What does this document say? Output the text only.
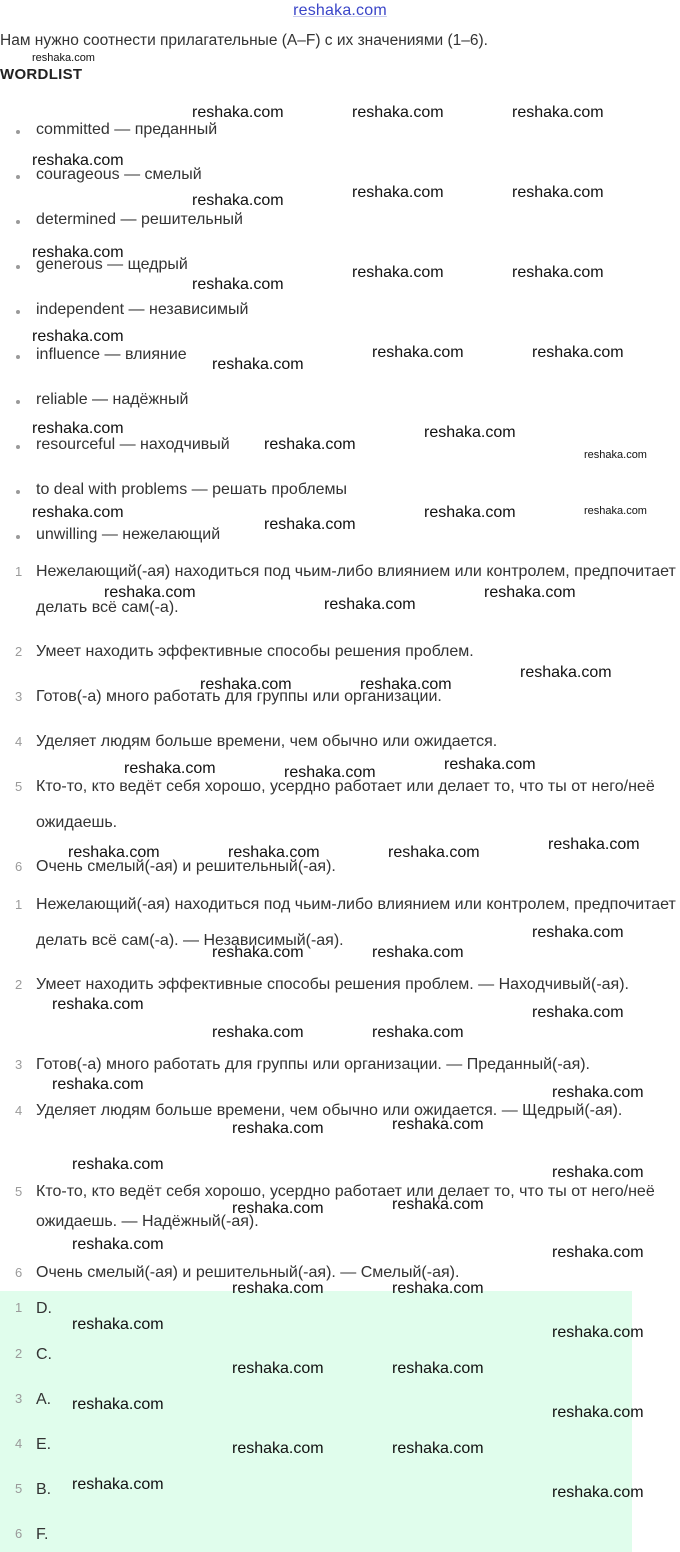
reshaka.com
Нам нужно соотнести прилагательные (A–F) с их значениями (1–6).
WORDLIST
committed — преданный
courageous — смелый
determined — решительный
generous — щедрый
independent — независимый
influence — влияние
reliable — надёжный
resourceful — находчивый
to deal with problems — решать проблемы
unwilling — нежелающий
1 Нежелающий(-ая) находиться под чьим-либо влиянием или контролем, предпочитает делать всё сам(-а).
2 Умеет находить эффективные способы решения проблем.
3 Готов(-а) много работать для группы или организации.
4 Уделяет людям больше времени, чем обычно или ожидается.
5 Кто-то, кто ведёт себя хорошо, усердно работает или делает то, что ты от него/неё ожидаешь.
6 Очень смелый(-ая) и решительный(-ая).
1 Нежелающий(-ая) находиться под чьим-либо влиянием или контролем, предпочитает делать всё сам(-а). — Независимый(-ая).
2 Умеет находить эффективные способы решения проблем. — Находчивый(-ая).
3 Готов(-а) много работать для группы или организации. — Преданный(-ая).
4 Уделяет людям больше времени, чем обычно или ожидается. — Щедрый(-ая).
5 Кто-то, кто ведёт себя хорошо, усердно работает или делает то, что ты от него/неё ожидаешь. — Надёжный(-ая).
6 Очень смелый(-ая) и решительный(-ая). — Смелый(-ая).
1 D.
2 C.
3 A.
4 E.
5 B.
6 F.
reshaka.com
reshaka.com	reshaka.com	reshaka.com
reshaka.com
reshaka.com	reshaka.com
reshaka.com
reshaka.com
reshaka.com	reshaka.com
reshaka.com
reshaka.com
reshaka.com	reshaka.com
reshaka.com
reshaka.com	reshaka.com
reshaka.com
reshaka.com
reshaka.com
reshaka.com	reshaka.com
reshaka.com
reshaka.com	reshaka.com
reshaka.com
reshaka.com
reshaka.com	reshaka.com
reshaka.com
reshaka.com	reshaka.com
reshaka.com
reshaka.com	reshaka.com	reshaka.com
reshaka.com
reshaka.com	reshaka.com
reshaka.com	reshaka.com
reshaka.com	reshaka.com
reshaka.com	reshaka.com
reshaka.com
reshaka.com
reshaka.com	reshaka.com
reshaka.com	reshaka.com
reshaka.com	reshaka.com
reshaka.com	reshaka.com
reshaka.com	reshaka.com
reshaka.com	reshaka.com
reshaka.com	reshaka.com
reshaka.com	reshaka.com
reshaka.com	reshaka.com
